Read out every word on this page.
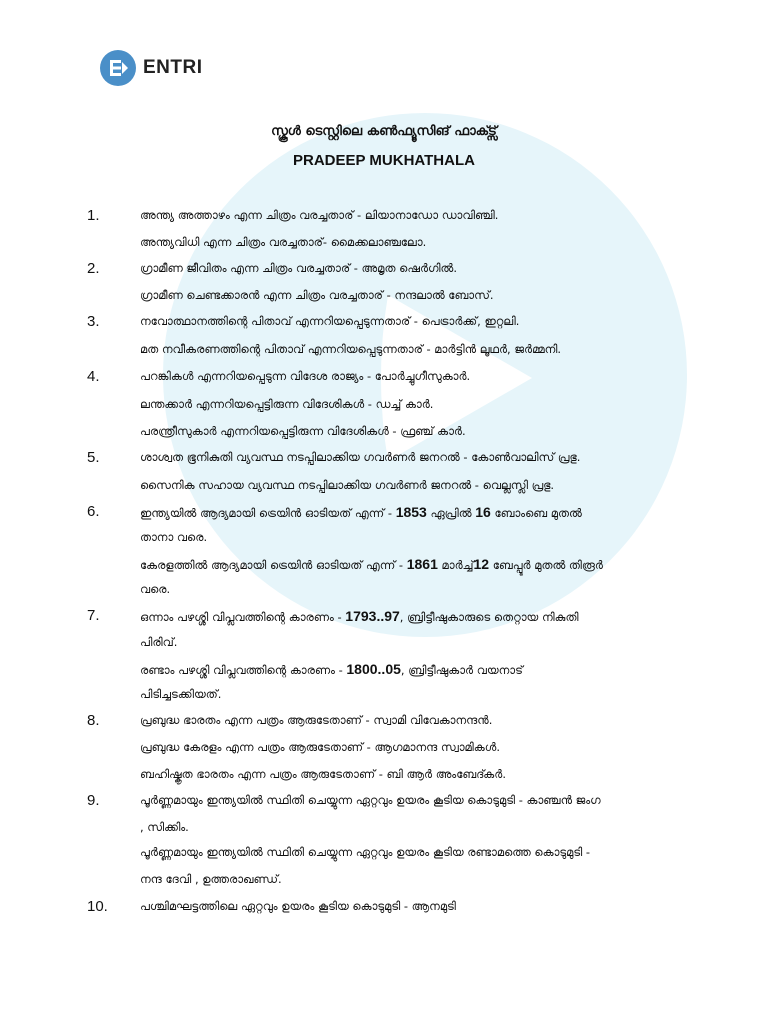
ENTRI
സ്കൂൾ ടെസ്റ്റിലെ കൺഫ്യൂസിങ് ഫാക്ട്സ്
PRADEEP MUKHATHALA
1.	അന്ത്യ അത്താഴം എന്ന ചിത്രം വരച്ചതാര് - ലിയാനാഡോ ഡാവിഞ്ചി.
അന്ത്യവിധി എന്ന ചിത്രം വരച്ചതാര്- മൈക്കലാഞ്ചലോ.
2.	ഗ്രാമീണ ജീവിതം എന്ന ചിത്രം വരച്ചതാര് - അമൃത ഷെർഗിൽ.
ഗ്രാമീണ ചെണ്ടക്കാരൻ എന്ന ചിത്രം വരച്ചതാര് - നന്ദലാൽ ബോസ്.
3.	നവോത്ഥാനത്തിന്റെ പിതാവ് എന്നറിയപ്പെടുന്നതാര് - പെട്രാർക്ക്, ഇറ്റലി.
മത നവീകരണത്തിന്റെ പിതാവ് എന്നറിയപ്പെടുന്നതാര് - മാർട്ടിൻ ലൂഥർ, ജർമ്മനി.
4.	പറങ്കികൾ എന്നറിയപ്പെടുന്ന വിദേശ രാജ്യം - പോർച്ചുഗീസുകാർ.
ലന്തക്കാർ എന്നറിയപ്പെട്ടിരുന്ന വിദേശികൾ - ഡച്ച് കാർ.
പരന്ത്രീസുകാർ എന്നറിയപ്പെട്ടിരുന്ന വിദേശികൾ - ഫ്രഞ്ച് കാർ.
5.	ശാശ്വത ഭൂനികുതി വ്യവസ്ഥ നടപ്പിലാക്കിയ ഗവർണർ ജനറൽ - കോൺവാലിസ് പ്രഭു.
സൈനിക സഹായ വ്യവസ്ഥ നടപ്പിലാക്കിയ ഗവർണർ ജനറൽ - വെല്ലസ്ലി പ്രഭു.
6.	ഇന്ത്യയിൽ ആദ്യമായി ട്രെയിൻ ഓടിയത് എന്ന് - 1853 ഏപ്രിൽ 16 ബോംബെ മുതൽ
താനാ വരെ.
കേരളത്തിൽ ആദ്യമായി ട്രെയിൻ ഓടിയത് എന്ന് - 1861 മാർച്ച്12 ബേപ്പൂർ മുതൽ തിരൂർ
വരെ.
7.	ഒന്നാം പഴശ്ശി വിപ്ലവത്തിന്റെ കാരണം - 1793..97, ബ്രിട്ടീഷുകാരുടെ തെറ്റായ നികുതി
പിരിവ്.
രണ്ടാം പഴശ്ശി വിപ്ലവത്തിന്റെ കാരണം - 1800..05, ബ്രിട്ടീഷുകാർ വയനാട്
പിടിച്ചടക്കിയത്.
8.	പ്രബുദ്ധ ഭാരതം എന്ന പത്രം ആരുടേതാണ് - സ്വാമി വിവേകാനന്ദൻ.
പ്രബുദ്ധ കേരളം എന്ന പത്രം ആരുടേതാണ് - ആഗമാനന്ദ സ്വാമികൾ.
ബഹിഷ്കൃത ഭാരതം എന്ന പത്രം ആരുടേതാണ് - ബി ആർ അംബേദ്കർ.
9.	പൂർണ്ണമായും ഇന്ത്യയിൽ സ്ഥിതി ചെയ്യുന്ന ഏറ്റവും ഉയരം കൂടിയ കൊടുമുടി - കാഞ്ചൻ ജംഗ
, സിക്കിം.
പൂർണ്ണമായും ഇന്ത്യയിൽ സ്ഥിതി ചെയ്യുന്ന ഏറ്റവും ഉയരം കൂടിയ രണ്ടാമത്തെ കൊടുമുടി -
നന്ദ ദേവി , ഉത്തരാഖണ്ഡ്.
10.	പശ്ചിമഘട്ടത്തിലെ ഏറ്റവും ഉയരം കൂടിയ കൊടുമുടി - ആനമുടി
